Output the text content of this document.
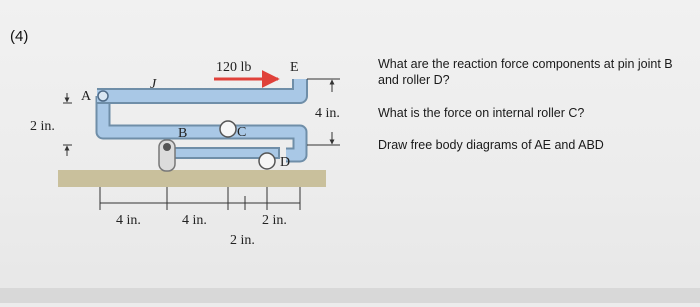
(4)
A
J
B	C
D
E
120 lb
2 in.
4 in.
4 in.	4 in.	2 in.
2 in.
What are the reaction force components at pin joint B and roller D?
What is the force on internal roller C?
Draw free body diagrams of AE and ABD
